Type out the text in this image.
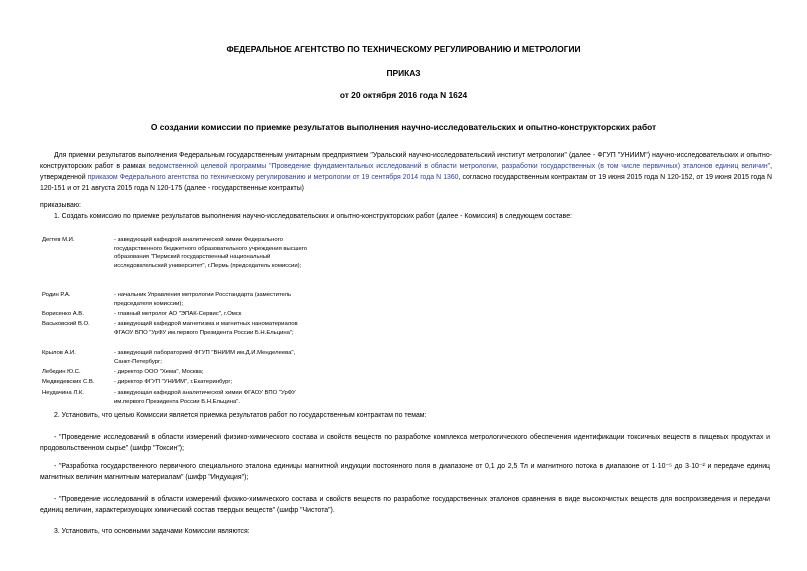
ФЕДЕРАЛЬНОЕ АГЕНТСТВО ПО ТЕХНИЧЕСКОМУ РЕГУЛИРОВАНИЮ И МЕТРОЛОГИИ
ПРИКАЗ
от 20 октября 2016 года N 1624
О создании комиссии по приемке результатов выполнения научно-исследовательских и опытно-конструкторских работ
Для приемки результатов выполнения Федеральным государственным унитарным предприятием "Уральский научно-исследовательский институт метрологии" (далее - ФГУП "УНИИМ") научно-исследовательских и опытно-конструкторских работ в рамках ведомственной целевой программы "Проведение фундаментальных исследований в области метрологии, разработки государственных (в том числе первичных) эталонов единиц величин", утвержденной приказом Федерального агентства по техническому регулированию и метрологии от 19 сентября 2014 года N 1360, согласно государственным контрактам от 19 июня 2015 года N 120-152, от 19 июня 2015 года N 120-151 и от 21 августа 2015 года N 120-175 (далее - государственные контракты)
приказываю:
1. Создать комиссию по приемке результатов выполнения научно-исследовательских и опытно-конструкторских работ (далее - Комиссия) в следующем составе:
Дегтев М.И.	- заведующий кафедрой аналитической химии Федерального государственного бюджетного образовательного учреждения высшего образования "Пермский государственный национальный исследовательский университет", г.Пермь (председатель комиссии);
Родин Р.А.	- начальник Управления метрологии Росстандарта (заместитель председателя комиссии);
Борисенко А.В.	- главный метролог АО "ЭПАК-Сервис", г.Омск
Васьковский В.О.	- заведующий кафедрой магнетизма и магнитных наноматериалов ФГАОУ ВПО "УрФУ им.первого Президента России Б.Н.Ельцина";
Крылов А.И.	- заведующий лабораторией ФГУП "ВНИИМ им.Д.И.Менделеева", Санкт-Петербург;
Лебедин Ю.С.	- директор ООО "Хема", Москва;
Медведевских С.В.	- директор ФГУП "УНИИМ", г.Екатеринбург;
Неудачина Л.К.	- заведующая кафедрой аналитической химии ФГАОУ ВПО "УрФУ им.первого Президента России Б.Н.Ельцина".
2. Установить, что целью Комиссии является приемка результатов работ по государственным контрактам по темам:
- "Проведение исследований в области измерений физико-химического состава и свойств веществ по разработке комплекса метрологического обеспечения идентификации токсичных веществ в пищевых продуктах и продовольственном сырье" (шифр "Токсин");
- "Разработка государственного первичного специального эталона единицы магнитной индукции постоянного поля в диапазоне от 0,1 до 2,5 Тл и магнитного потока в диапазоне от 1·10⁻⁵ до 3·10⁻² и передаче единиц магнитных величин магнитным материалам" (шифр "Индукция");
- "Проведение исследований в области измерений физико-химического состава и свойств веществ по разработке государственных эталонов сравнения в виде высокочистых веществ для воспроизведения и передачи единиц величин, характеризующих химический состав твердых веществ" (шифр "Чистота").
3. Установить, что основными задачами Комиссии являются:
